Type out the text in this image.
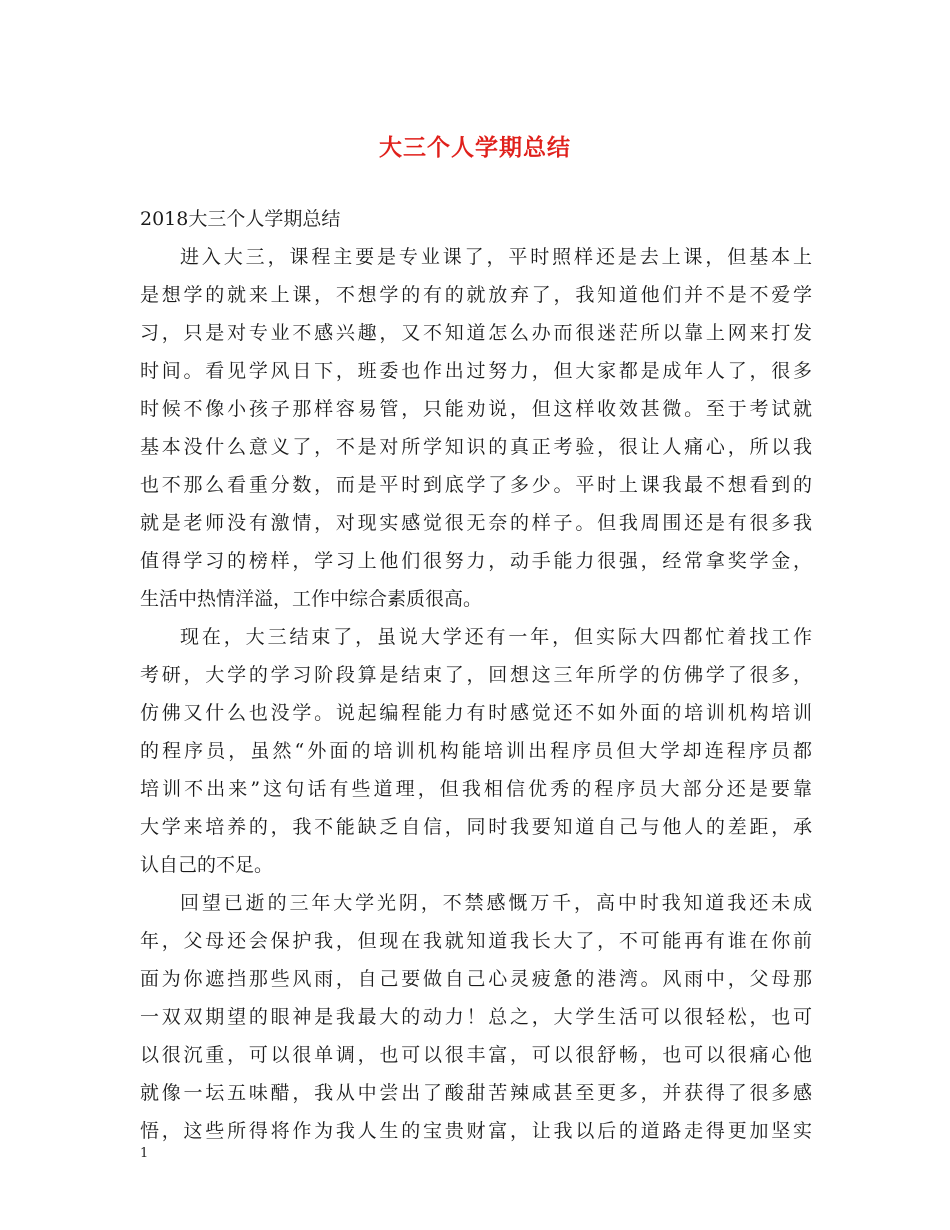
大三个人学期总结
2018大三个人学期总结
进入大三，课程主要是专业课了，平时照样还是去上课，但基本上
是想学的就来上课，不想学的有的就放弃了，我知道他们并不是不爱学
习，只是对专业不感兴趣，又不知道怎么办而很迷茫所以靠上网来打发
时间。看见学风日下，班委也作出过努力，但大家都是成年人了，很多
时候不像小孩子那样容易管，只能劝说，但这样收效甚微。至于考试就
基本没什么意义了，不是对所学知识的真正考验，很让人痛心，所以我
也不那么看重分数，而是平时到底学了多少。平时上课我最不想看到的
就是老师没有激情，对现实感觉很无奈的样子。但我周围还是有很多我
值得学习的榜样，学习上他们很努力，动手能力很强，经常拿奖学金，
生活中热情洋溢，工作中综合素质很高。
现在，大三结束了，虽说大学还有一年，但实际大四都忙着找工作
考研，大学的学习阶段算是结束了，回想这三年所学的仿佛学了很多，
仿佛又什么也没学。说起编程能力有时感觉还不如外面的培训机构培训
的程序员，虽然“外面的培训机构能培训出程序员但大学却连程序员都
培训不出来”这句话有些道理，但我相信优秀的程序员大部分还是要靠
大学来培养的，我不能缺乏自信，同时我要知道自己与他人的差距，承
认自己的不足。
回望已逝的三年大学光阴，不禁感慨万千，高中时我知道我还未成
年，父母还会保护我，但现在我就知道我长大了，不可能再有谁在你前
面为你遮挡那些风雨，自己要做自己心灵疲惫的港湾。风雨中，父母那
一双双期望的眼神是我最大的动力！总之，大学生活可以很轻松，也可
以很沉重，可以很单调，也可以很丰富，可以很舒畅，也可以很痛心他
就像一坛五味醋，我从中尝出了酸甜苦辣咸甚至更多，并获得了很多感
悟，这些所得将作为我人生的宝贵财富，让我以后的道路走得更加坚实
1
